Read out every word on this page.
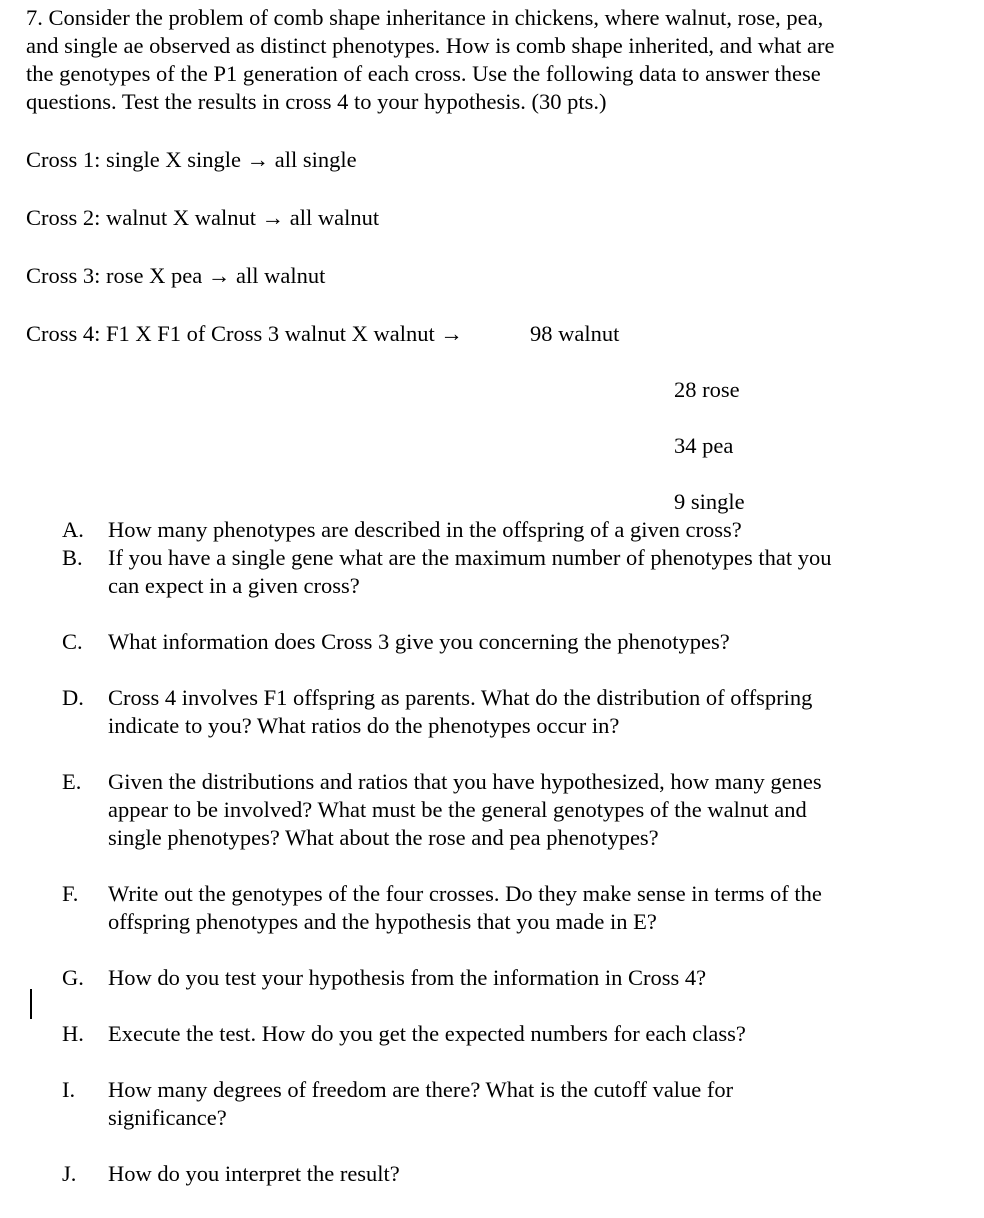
7. Consider the problem of comb shape inheritance in chickens, where walnut, rose, pea,
and single ae observed as distinct phenotypes. How is comb shape inherited, and what are
the genotypes of the P1 generation of each cross. Use the following data to answer these
questions. Test the results in cross 4 to your hypothesis. (30 pts.)
Cross 1: single X single → all single
Cross 2: walnut X walnut → all walnut
Cross 3: rose X pea → all walnut
Cross 4: F1 X F1 of Cross 3 walnut X walnut →	98 walnut
28 rose
34 pea
9 single
A. How many phenotypes are described in the offspring of a given cross?
B. If you have a single gene what are the maximum number of phenotypes that you
can expect in a given cross?
C. What information does Cross 3 give you concerning the phenotypes?
D. Cross 4 involves F1 offspring as parents. What do the distribution of offspring
indicate to you? What ratios do the phenotypes occur in?
E. Given the distributions and ratios that you have hypothesized, how many genes
appear to be involved? What must be the general genotypes of the walnut and
single phenotypes? What about the rose and pea phenotypes?
F. Write out the genotypes of the four crosses. Do they make sense in terms of the
offspring phenotypes and the hypothesis that you made in E?
G. How do you test your hypothesis from the information in Cross 4?
H. Execute the test. How do you get the expected numbers for each class?
I. How many degrees of freedom are there? What is the cutoff value for
significance?
J. How do you interpret the result?
